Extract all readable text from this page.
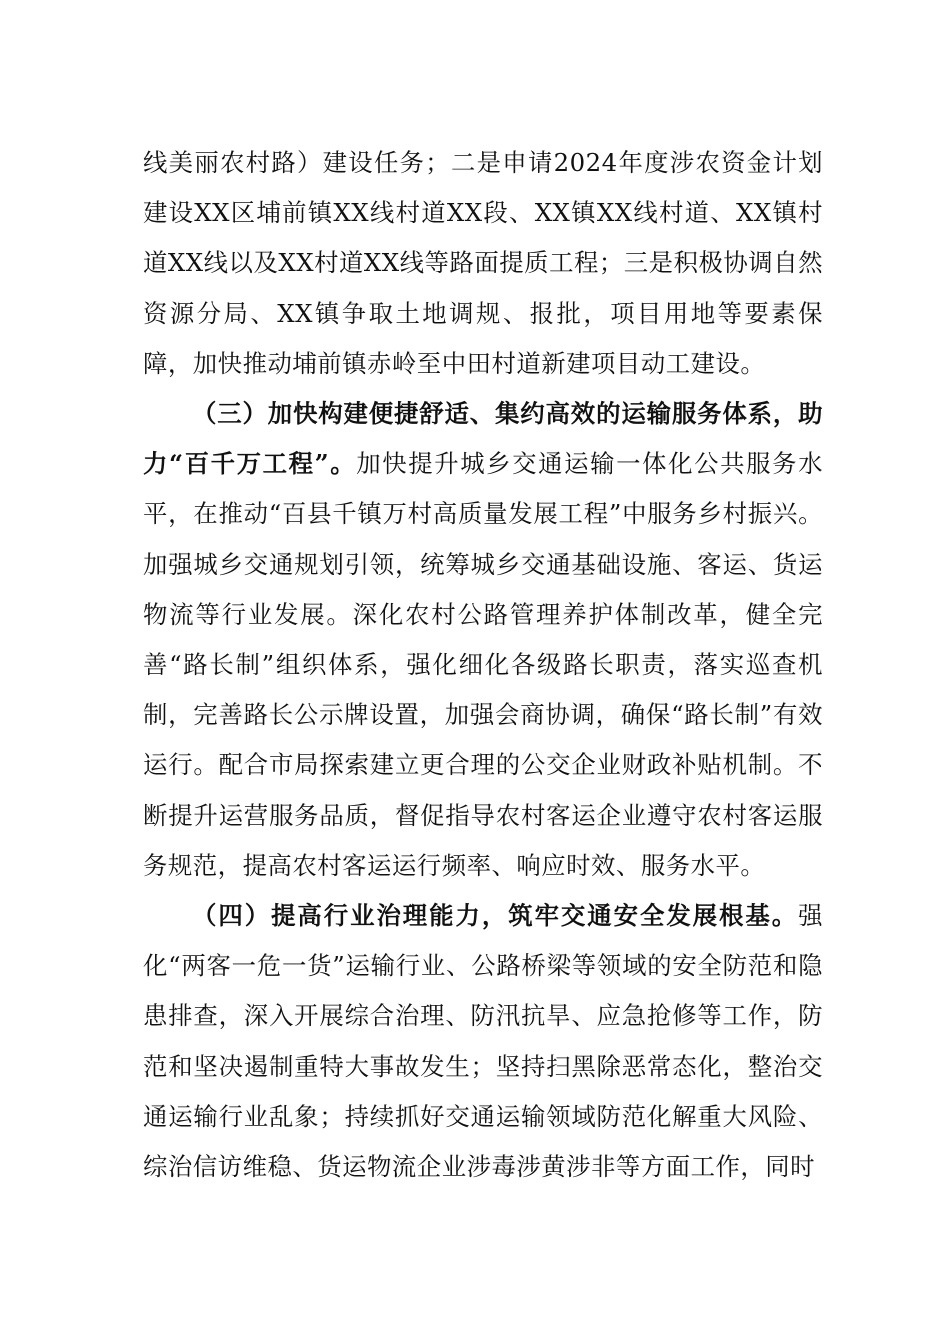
线美丽农村路）建设任务；二是申请2024年度涉农资金计划建设XX区埔前镇XX线村道XX段、XX镇XX线村道、XX镇村道XX线以及XX村道XX线等路面提质工程；三是积极协调自然资源分局、XX镇争取土地调规、报批，项目用地等要素保障，加快推动埔前镇赤岭至中田村道新建项目动工建设。

（三）加快构建便捷舒适、集约高效的运输服务体系，助力“百千万工程”。加快提升城乡交通运输一体化公共服务水平，在推动“百县千镇万村高质量发展工程”中服务乡村振兴。加强城乡交通规划引领，统筹城乡交通基础设施、客运、货运物流等行业发展。深化农村公路管理养护体制改革，健全完善“路长制”组织体系，强化细化各级路长职责，落实巡查机制，完善路长公示牌设置，加强会商协调，确保“路长制”有效运行。配合市局探索建立更合理的公交企业财政补贴机制。不断提升运营服务品质，督促指导农村客运企业遵守农村客运服务规范，提高农村客运运行频率、响应时效、服务水平。

（四）提高行业治理能力，筑牢交通安全发展根基。强化“两客一危一货”运输行业、公路桥梁等领域的安全防范和隐患排查，深入开展综合治理、防汛抗旱、应急抢修等工作，防范和坚决遏制重特大事故发生；坚持扫黑除恶常态化，整治交通运输行业乱象；持续抓好交通运输领域防范化解重大风险、综治信访维稳、货运物流企业涉毒涉黄涉非等方面工作，同时
